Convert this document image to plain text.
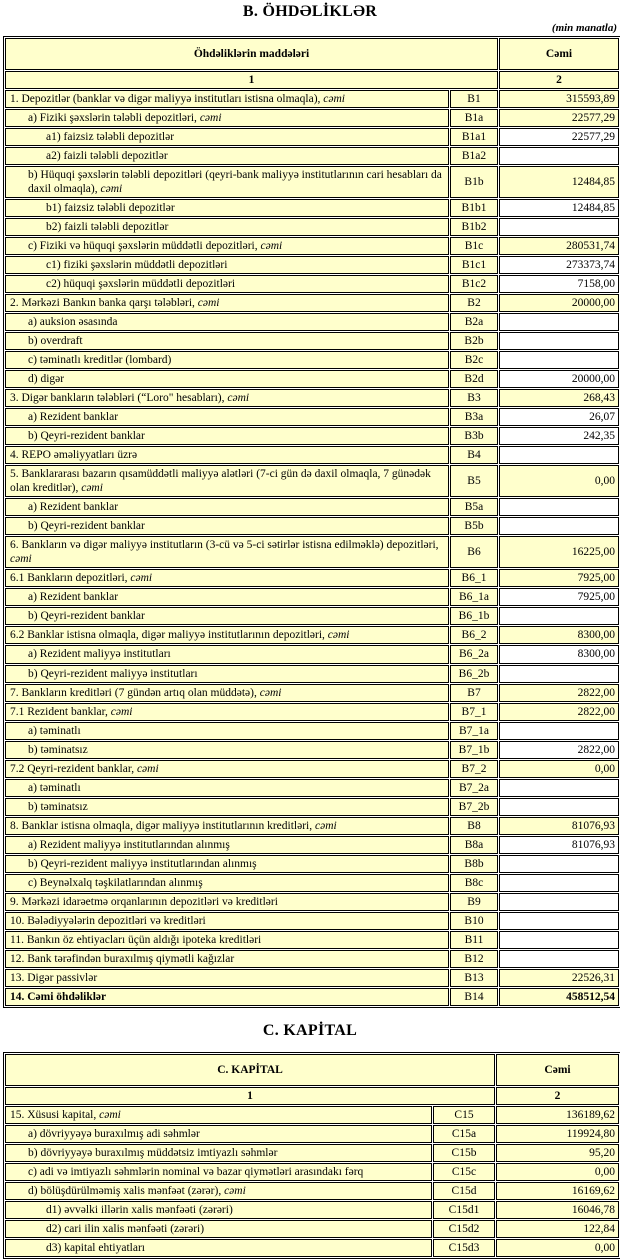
B. ÖHDƏLİKLƏR
(min manatla)
Öhdəliklərin maddələri		Cəmi
1		2
1. Depozitlər (banklar və digər maliyyə institutları istisna olmaqla), cəmi	B1	315593,89
a) Fiziki şəxslərin tələbli depozitləri, cəmi	B1a	22577,29
a1) faizsiz tələbli depozitlər	B1a1	22577,29
a2) faizli tələbli depozitlər	B1a2	
b) Hüquqi şəxslərin tələbli depozitləri (qeyri-bank maliyyə institutlarının cari hesabları da daxil olmaqla), cəmi	B1b	12484,85
b1) faizsiz tələbli depozitlər	B1b1	12484,85
b2) faizli tələbli depozitlər	B1b2	
c) Fiziki və hüquqi şəxslərin müddətli depozitləri, cəmi	B1c	280531,74
c1) fiziki şəxslərin müddətli depozitləri	B1c1	273373,74
c2) hüquqi şəxslərin müddətli depozitləri	B1c2	7158,00
2. Mərkəzi Bankın banka qarşı tələbləri, cəmi	B2	20000,00
a) auksion əsasında	B2a	
b) overdraft	B2b	
c) təminatlı kreditlər (lombard)	B2c	
d) digər	B2d	20000,00
3. Digər bankların tələbləri (“Loro" hesabları), cəmi	B3	268,43
a) Rezident banklar	B3a	26,07
b) Qeyri-rezident banklar	B3b	242,35
4. REPO əməliyyatları üzrə	B4	
5. Banklararası bazarın qısamüddətli maliyyə alətləri (7-ci gün də daxil olmaqla, 7 günədək olan kreditlər), cəmi	B5	0,00
a) Rezident banklar	B5a	
b) Qeyri-rezident banklar	B5b	
6. Bankların və digər maliyyə institutların (3-cü və 5-ci sətirlər istisna edilməklə) depozitləri, cəmi	B6	16225,00
6.1 Bankların depozitləri, cəmi	B6_1	7925,00
a) Rezident banklar	B6_1a	7925,00
b) Qeyri-rezident banklar	B6_1b	
6.2 Banklar istisna olmaqla, digər maliyyə institutlarının depozitləri, cəmi	B6_2	8300,00
a) Rezident maliyyə institutları	B6_2a	8300,00
b) Qeyri-rezident maliyyə institutları	B6_2b	
7. Bankların kreditləri (7 gündən artıq olan müddətə), cəmi	B7	2822,00
7.1 Rezident banklar, cəmi	B7_1	2822,00
a) təminatlı	B7_1a	
b) təminatsız	B7_1b	2822,00
7.2 Qeyri-rezident banklar, cəmi	B7_2	0,00
a) təminatlı	B7_2a	
b) təminatsız	B7_2b	
8. Banklar istisna olmaqla, digər maliyyə institutlarının kreditləri, cəmi	B8	81076,93
a) Rezident maliyyə institutlarından alınmış	B8a	81076,93
b) Qeyri-rezident maliyyə institutlarından alınmış	B8b	
c) Beynəlxalq təşkilatlarından alınmış	B8c	
9. Mərkəzi idarəetmə orqanlarının depozitləri və kreditləri	B9	
10. Bələdiyyələrin depozitləri və kreditləri	B10	
11. Bankın öz ehtiyacları üçün aldığı ipoteka kreditləri	B11	
12. Bank tərəfindən buraxılmış qiymətli kağızlar	B12	
13. Digər passivlər	B13	22526,31
14. Cəmi öhdəliklər	B14	458512,54
C. KAPİTAL
C. KAPİTAL		Cəmi
1		2
15. Xüsusi kapital, cəmi	C15	136189,62
a) dövriyyəyə buraxılmış adi səhmlər	C15a	119924,80
b) dövriyyəyə buraxılmış müddətsiz imtiyazlı səhmlər	C15b	95,20
c) adi və imtiyazlı səhmlərin nominal və bazar qiymətləri arasındakı fərq	C15c	0,00
d) bölüşdürülməmiş xalis mənfəət (zərər), cəmi	C15d	16169,62
d1) əvvəlki illərin xalis mənfəəti (zərəri)	C15d1	16046,78
d2) cari ilin xalis mənfəəti (zərəri)	C15d2	122,84
d3) kapital ehtiyatları	C15d3	0,00
